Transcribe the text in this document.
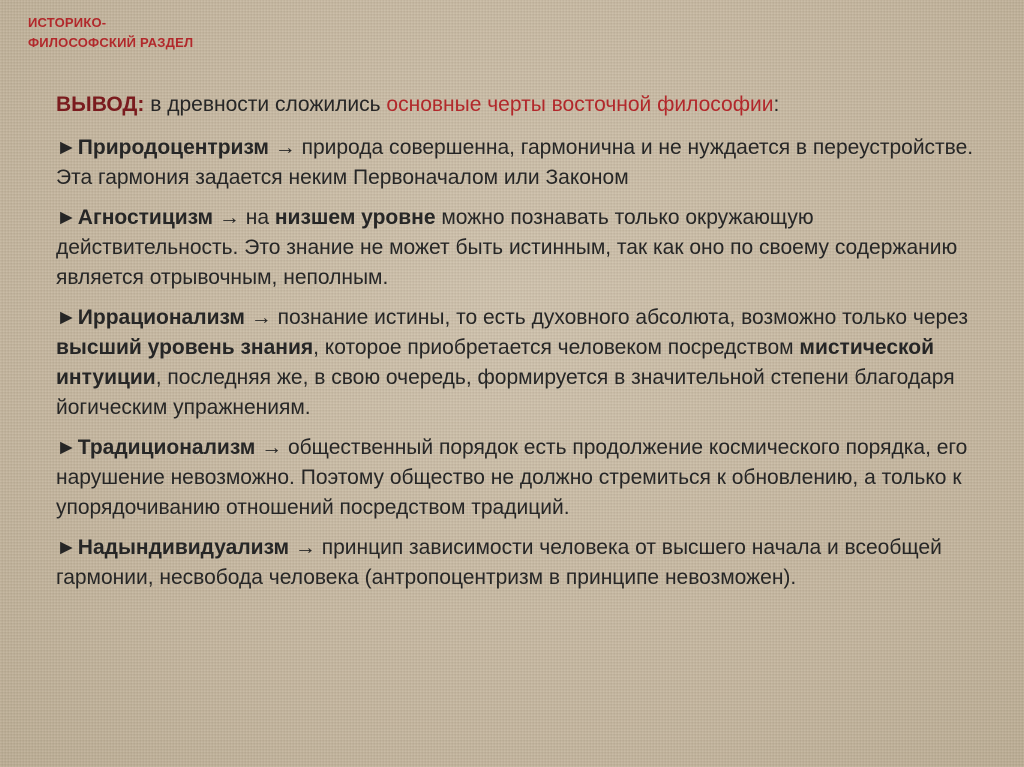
ИСТОРИКО-
ФИЛОСОФСКИЙ РАЗДЕЛ

ВЫВОД: в древности сложились основные черты восточной философии:

►Природоцентризм → природа совершенна, гармонична и не нуждается в переустройстве. Эта гармония задается неким Первоначалом или Законом

►Агностицизм → на низшем уровне можно познавать только окружающую действительность. Это знание не может быть истинным, так как оно по своему содержанию является отрывочным, неполным.

►Иррационализм → познание истины, то есть духовного абсолюта, возможно только через высший уровень знания, которое приобретается человеком посредством мистической интуиции, последняя же, в свою очередь, формируется в значительной степени благодаря йогическим упражнениям.

►Традиционализм → общественный порядок есть продолжение космического порядка, его нарушение невозможно. Поэтому общество не должно стремиться к обновлению, а только к упорядочиванию отношений посредством традиций.

►Надындивидуализм → принцип зависимости человека от высшего начала и всеобщей гармонии, несвобода человека (антропоцентризм в принципе невозможен).
